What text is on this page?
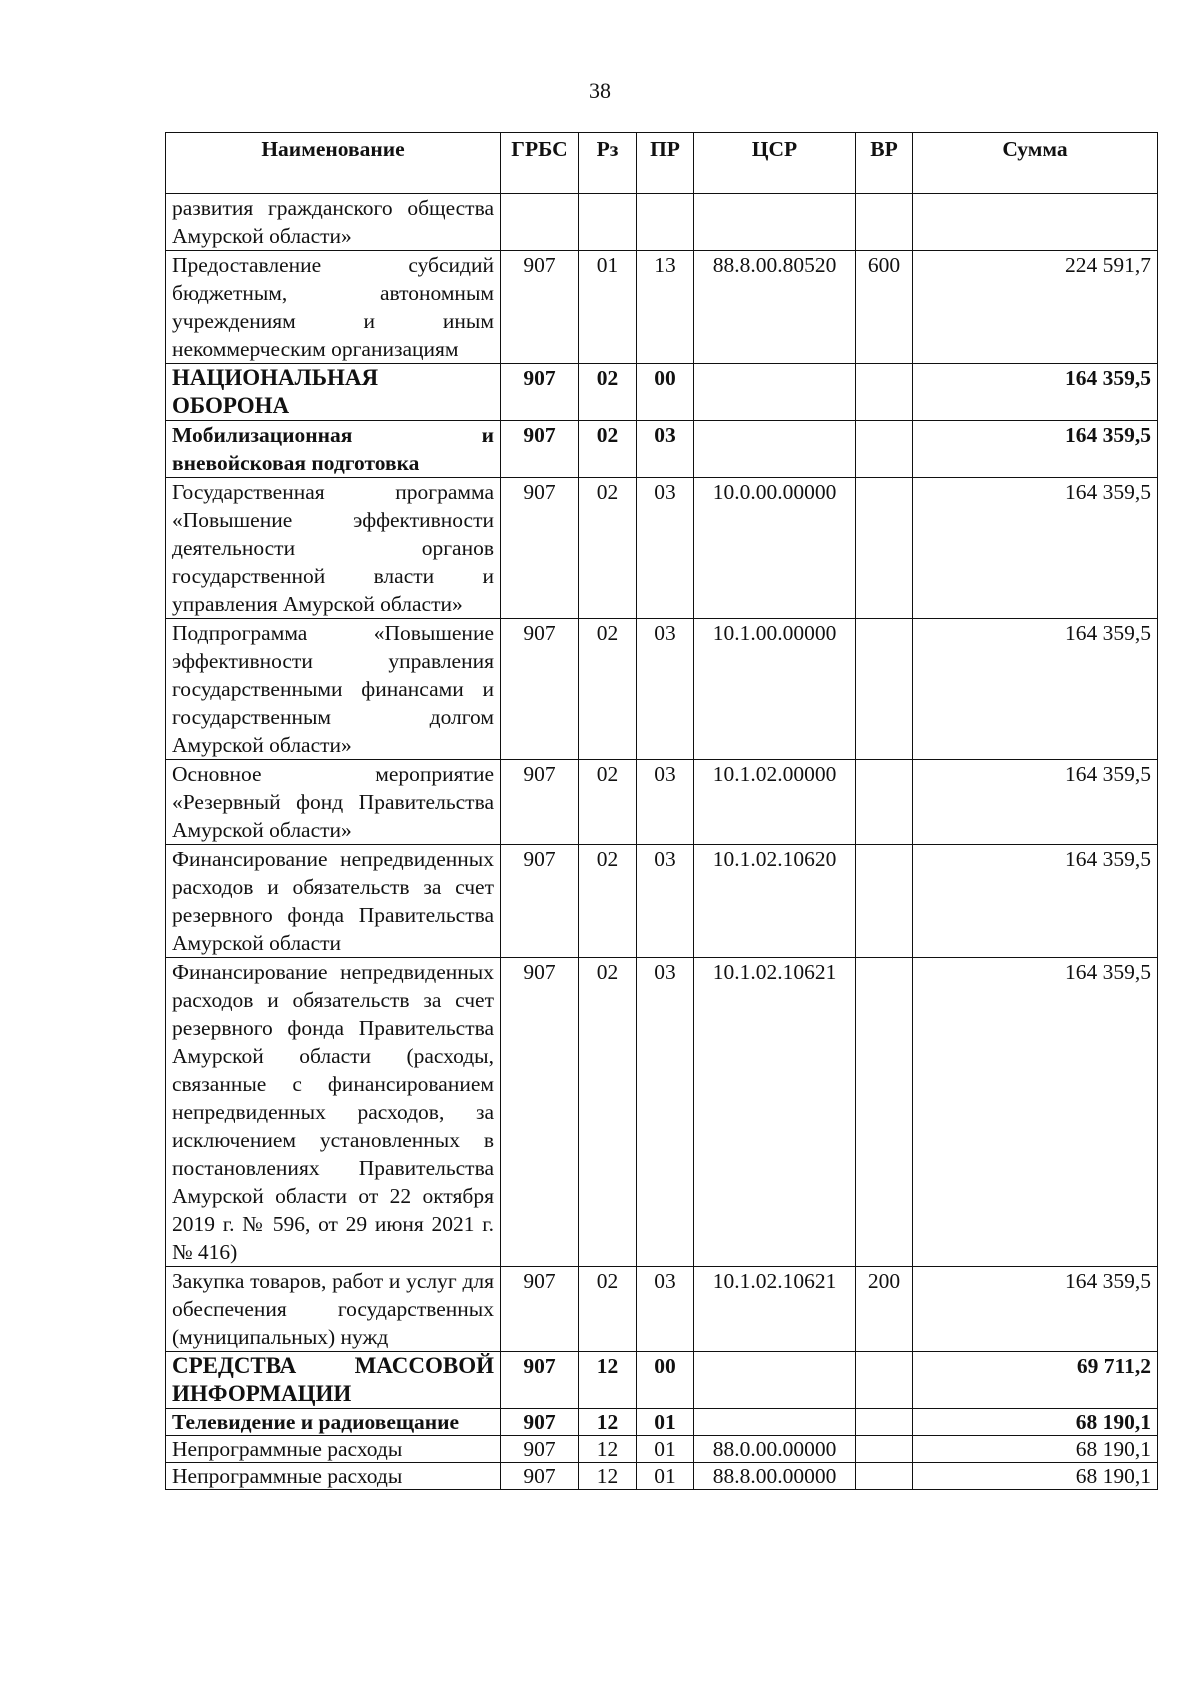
38
Наименование	ГРБС	Рз	ПР	ЦСР	ВР	Сумма
развития гражданского общества Амурской области»						
Предоставление субсидий бюджетным, автономным учреждениям и иным некоммерческим организациям	907	01	13	88.8.00.80520	600	224 591,7
НАЦИОНАЛЬНАЯ ОБОРОНА	907	02	00			164 359,5
Мобилизационная и вневойсковая подготовка	907	02	03			164 359,5
Государственная программа «Повышение эффективности деятельности органов государственной власти и управления Амурской области»	907	02	03	10.0.00.00000		164 359,5
Подпрограмма «Повышение эффективности управления государственными финансами и государственным долгом Амурской области»	907	02	03	10.1.00.00000		164 359,5
Основное мероприятие «Резервный фонд Правительства Амурской области»	907	02	03	10.1.02.00000		164 359,5
Финансирование непредвиденных расходов и обязательств за счет резервного фонда Правительства Амурской области	907	02	03	10.1.02.10620		164 359,5
Финансирование непредвиденных расходов и обязательств за счет резервного фонда Правительства Амурской области (расходы, связанные с финансированием непредвиденных расходов, за исключением установленных в постановлениях Правительства Амурской области от 22 октября 2019 г. № 596, от 29 июня 2021 г. № 416)	907	02	03	10.1.02.10621		164 359,5
Закупка товаров, работ и услуг для обеспечения государственных (муниципальных) нужд	907	02	03	10.1.02.10621	200	164 359,5
СРЕДСТВА МАССОВОЙ ИНФОРМАЦИИ	907	12	00			69 711,2
Телевидение и радиовещание	907	12	01			68 190,1
Непрограммные расходы	907	12	01	88.0.00.00000		68 190,1
Непрограммные расходы	907	12	01	88.8.00.00000		68 190,1
